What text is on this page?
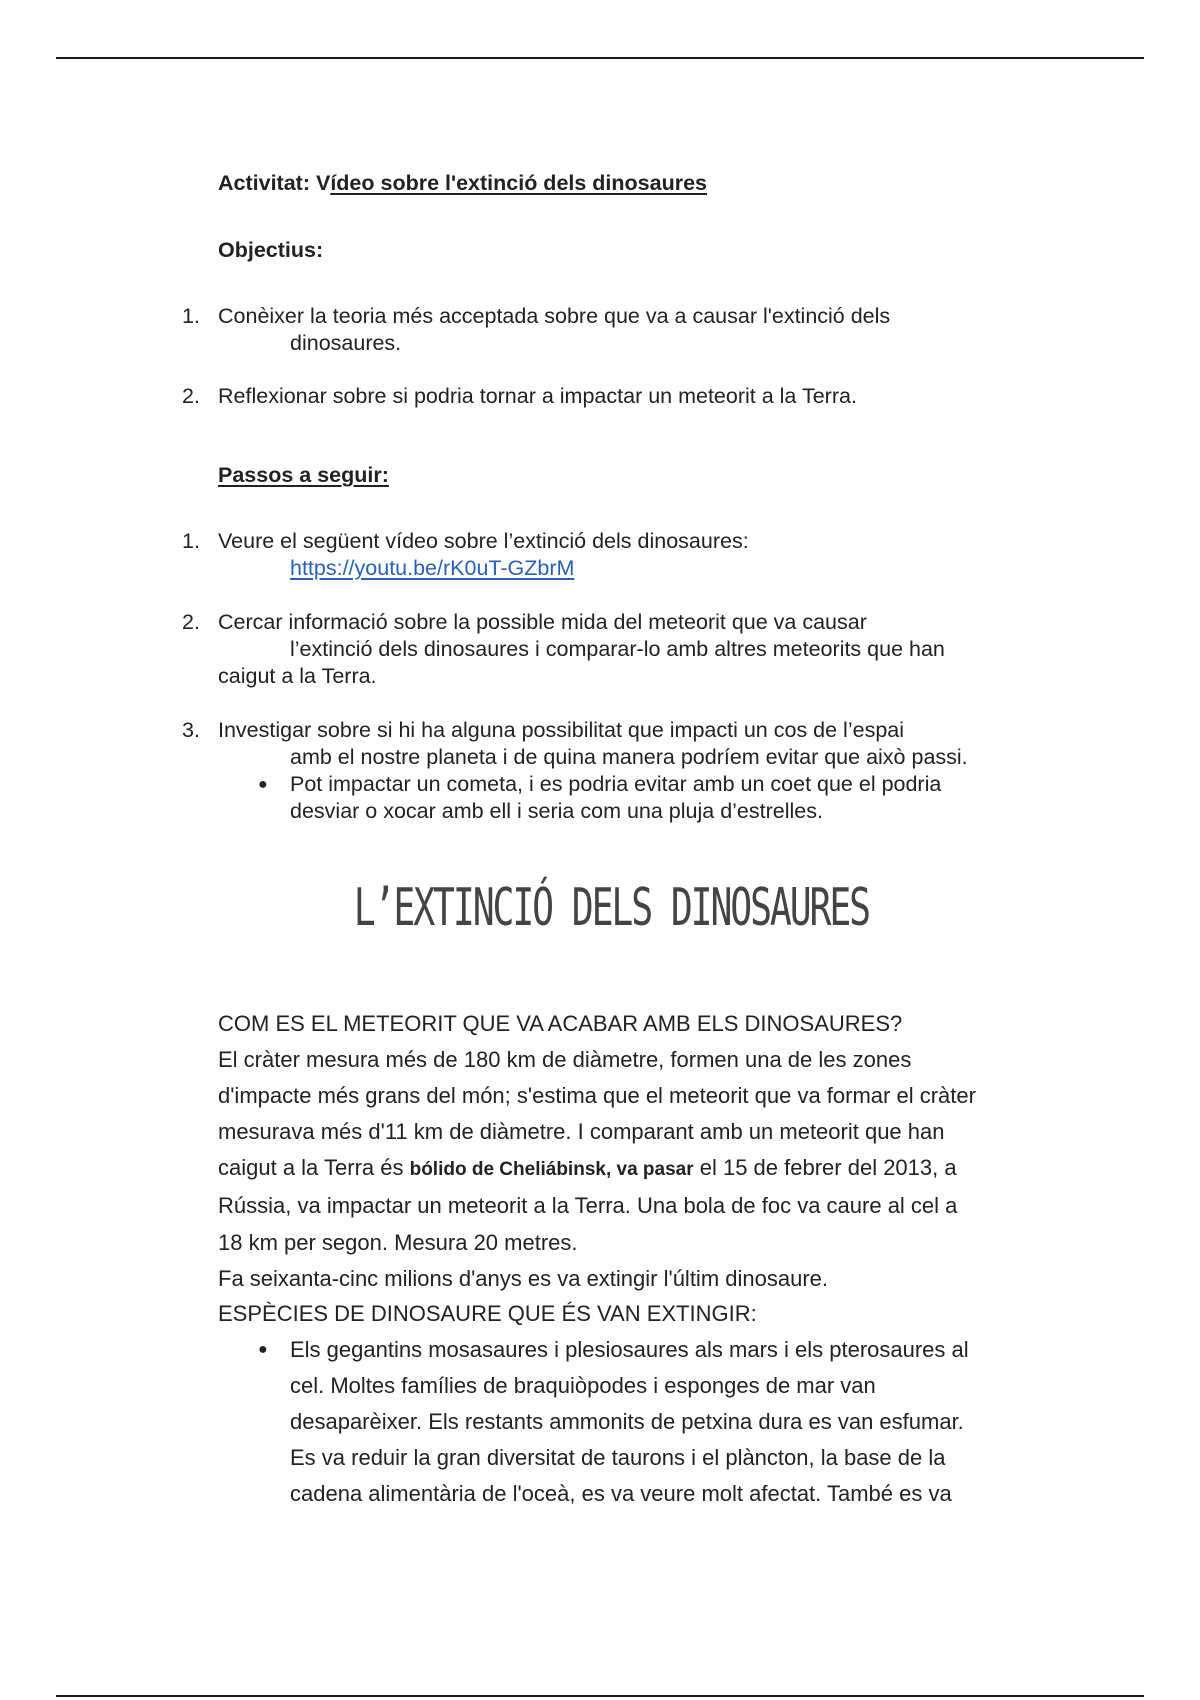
Activitat: Vídeo sobre l'extinció dels dinosaures
Objectius:
1. Conèixer la teoria més acceptada sobre que va a causar l'extinció dels
dinosaures.
2. Reflexionar sobre si podria tornar a impactar un meteorit a la Terra.
Passos a seguir:
1. Veure el següent vídeo sobre l’extinció dels dinosaures:
https://youtu.be/rK0uT-GZbrM
2. Cercar informació sobre la possible mida del meteorit que va causar
l’extinció dels dinosaures i comparar-lo amb altres meteorits que han
caigut a la Terra.
3. Investigar sobre si hi ha alguna possibilitat que impacti un cos de l’espai
amb el nostre planeta i de quina manera podríem evitar que això passi.
● Pot impactar un cometa, i es podria evitar amb un coet que el podria
desviar o xocar amb ell i seria com una pluja d’estrelles.
L’EXTINCIÓ DELS DINOSAURES
COM ES EL METEORIT QUE VA ACABAR AMB ELS DINOSAURES?
El cràter mesura més de 180 km de diàmetre, formen una de les zones
d'impacte més grans del món; s'estima que el meteorit que va formar el cràter
mesurava més d'11 km de diàmetre. I comparant amb un meteorit que han
caigut a la Terra és bólido de Cheliábinsk, va pasar el 15 de febrer del 2013, a
Rússia, va impactar un meteorit a la Terra. Una bola de foc va caure al cel a
18 km per segon. Mesura 20 metres.
Fa seixanta-cinc milions d'anys es va extingir l'últim dinosaure.
ESPÈCIES DE DINOSAURE QUE ÉS VAN EXTINGIR:
● Els gegantins mosasaures i plesiosaures als mars i els pterosaures al
cel. Moltes famílies de braquiòpodes i esponges de mar van
desaparèixer. Els restants ammonits de petxina dura es van esfumar.
Es va reduir la gran diversitat de taurons i el plàncton, la base de la
cadena alimentària de l'oceà, es va veure molt afectat. També es va
